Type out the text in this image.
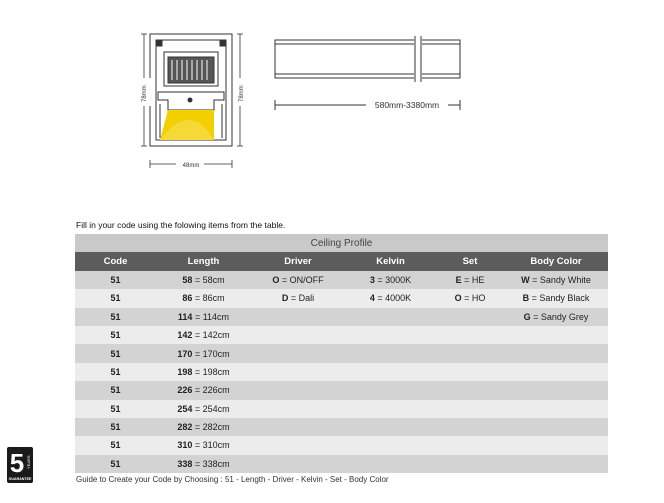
78mm	78mm
48mm
580mm-3380mm
Fill in your code using the folowing items from the table.
Ceiling Profile					
Code	Length	Driver	Kelvin	Set	Body Color
51	58 = 58cm	O = ON/OFF	3 = 3000K	E = HE	W = Sandy White
51	86 = 86cm	D = Dali	4 = 4000K	O = HO	B = Sandy Black
51	114 = 114cm				G = Sandy Grey
51	142 = 142cm				
51	170 = 170cm				
51	198 = 198cm				
51	226 = 226cm				
51	254 = 254cm				
51	282 = 282cm				
51	310 = 310cm				
51	338 = 338cm				
Guide to Create your Code by Choosing : 51 - Length - Driver - Kelvin - Set - Body Color
5 YEARS
GUARANTEE
